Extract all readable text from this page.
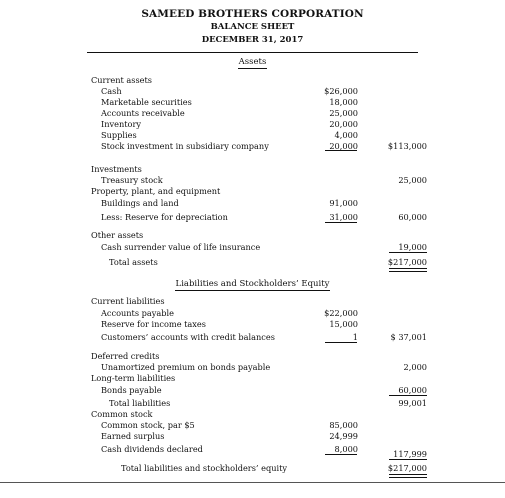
SAMEED BROTHERS CORPORATION
BALANCE SHEET
DECEMBER 31, 2017
Assets
Current assets
Cash	$26,000
Marketable securities	18,000
Accounts receivable	25,000
Inventory	20,000
Supplies	4,000
Stock investment in subsidiary company	20,000	$113,000
Investments
Treasury stock	25,000
Property, plant, and equipment
Buildings and land	91,000
Less: Reserve for depreciation	31,000	60,000
Other assets
Cash surrender value of life insurance	19,000
Total assets	$217,000
Liabilities and Stockholders’ Equity
Current liabilities
Accounts payable	$22,000
Reserve for income taxes	15,000
Customers’ accounts with credit balances	1	$ 37,001
Deferred credits
Unamortized premium on bonds payable	2,000
Long-term liabilities
Bonds payable	60,000
Total liabilities	99,001
Common stock
Common stock, par $5	85,000
Earned surplus	24,999
Cash dividends declared	8,000	117,999
Total liabilities and stockholders’ equity	$217,000
